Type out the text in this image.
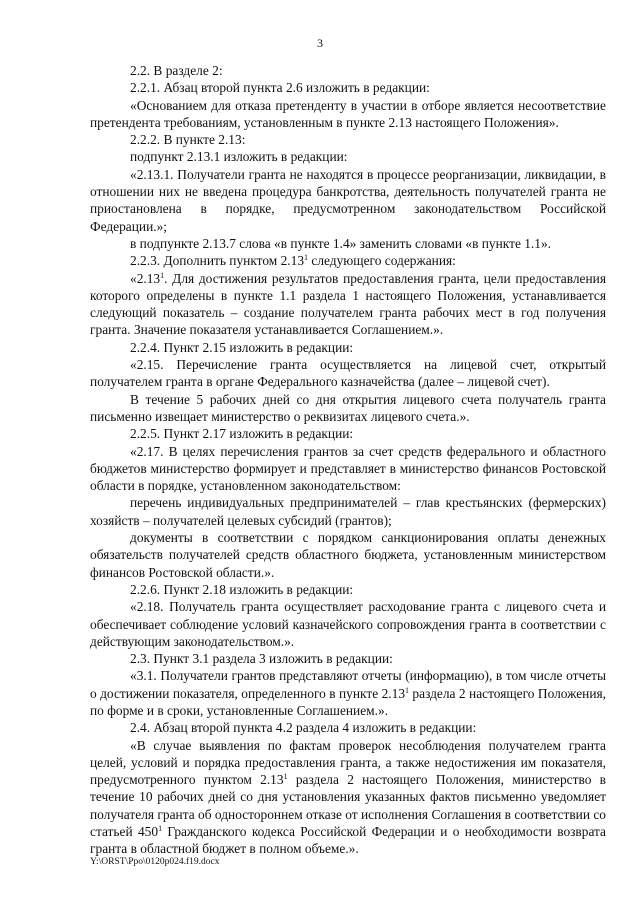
3

2.2. В разделе 2:

2.2.1. Абзац второй пункта 2.6 изложить в редакции:

«Основанием для отказа претенденту в участии в отборе является несоответствие претендента требованиям, установленным в пункте 2.13 настоящего Положения».

2.2.2. В пункте 2.13:

подпункт 2.13.1 изложить в редакции:

«2.13.1. Получатели гранта не находятся в процессе реорганизации, ликвидации, в отношении них не введена процедура банкротства, деятельность получателей гранта не приостановлена в порядке, предусмотренном законодательством Российской Федерации.»;

в подпункте 2.13.7 слова «в пункте 1.4» заменить словами «в пункте 1.1».

2.2.3. Дополнить пунктом 2.13$^1$ следующего содержания:

«2.13$^1$. Для достижения результатов предоставления гранта, цели предоставления которого определены в пункте 1.1 раздела 1 настоящего Положения, устанавливается следующий показатель – создание получателем гранта рабочих мест в год получения гранта. Значение показателя устанавливается Соглашением.».

2.2.4. Пункт 2.15 изложить в редакции:

«2.15. Перечисление гранта осуществляется на лицевой счет, открытый получателем гранта в органе Федерального казначейства (далее – лицевой счет).

В течение 5 рабочих дней со дня открытия лицевого счета получатель гранта письменно извещает министерство о реквизитах лицевого счета.».

2.2.5. Пункт 2.17 изложить в редакции:

«2.17. В целях перечисления грантов за счет средств федерального и областного бюджетов министерство формирует и представляет в министерство финансов Ростовской области в порядке, установленном законодательством:

перечень индивидуальных предпринимателей – глав крестьянских (фермерских) хозяйств – получателей целевых субсидий (грантов);

документы в соответствии с порядком санкционирования оплаты денежных обязательств получателей средств областного бюджета, установленным министерством финансов Ростовской области.».

2.2.6. Пункт 2.18 изложить в редакции:

«2.18. Получатель гранта осуществляет расходование гранта с лицевого счета и обеспечивает соблюдение условий казначейского сопровождения гранта в соответствии с действующим законодательством.».

2.3. Пункт 3.1 раздела 3 изложить в редакции:

«3.1. Получатели грантов представляют отчеты (информацию), в том числе отчеты о достижении показателя, определенного в пункте 2.13$^1$ раздела 2 настоящего Положения, по форме и в сроки, установленные Соглашением.».

2.4. Абзац второй пункта 4.2 раздела 4 изложить в редакции:

«В случае выявления по фактам проверок несоблюдения получателем гранта целей, условий и порядка предоставления гранта, а также недостижения им показателя, предусмотренного пунктом 2.13$^1$ раздела 2 настоящего Положения, министерство в течение 10 рабочих дней со дня установления указанных фактов письменно уведомляет получателя гранта об одностороннем отказе от исполнения Соглашения в соответствии со статьей $450^1$ Гражданского кодекса Российской Федерации и о необходимости возврата гранта в областной бюджет в полном объеме.».

Y:\ORST\Ppo\0120p024.f19.docx
